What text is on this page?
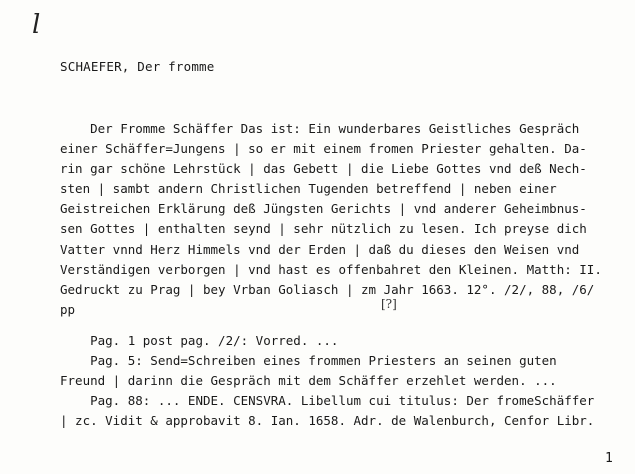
l
SCHAEFER, Der fromme
Der Fromme Schäffer Das ist: Ein wunderbares Geistliches Gespräch
einer Schäffer=Jungens | so er mit einem fromen Priester gehalten. Da-
rin gar schöne Lehrstück | das Gebett | die Liebe Gottes vnd deß Nech-
sten | sambt andern Christlichen Tugenden betreffend | neben einer
Geistreichen Erklärung deß Jüngsten Gerichts | vnd anderer Geheimbnus-
sen Gottes | enthalten seynd | sehr nützlich zu lesen. Ich preyse dich
Vatter vnnd Herz Himmels vnd der Erden | daß du dieses den Weisen vnd
Verständigen verborgen | vnd hast es offenbahret den Kleinen. Matth: II.
Gedruckt zu Prag | bey Vrban Goliasch | zm Jahr 1663. 12°. /2/, 88, /6/
pp
Pag. 1 post pag. /2/: Vorred. ...
Pag. 5: Send=Schreiben eines frommen Priesters an seinen guten
Freund | darinn die Gespräch mit dem Schäffer erzehlet werden. ...
Pag. 88: ... ENDE. CENSVRA. Libellum cui titulus: Der fromeSchäffer
| zc. Vidit & approbavit 8. Ian. 1658. Adr. de Walenburch, Cenfor Libr.
[?]
1
